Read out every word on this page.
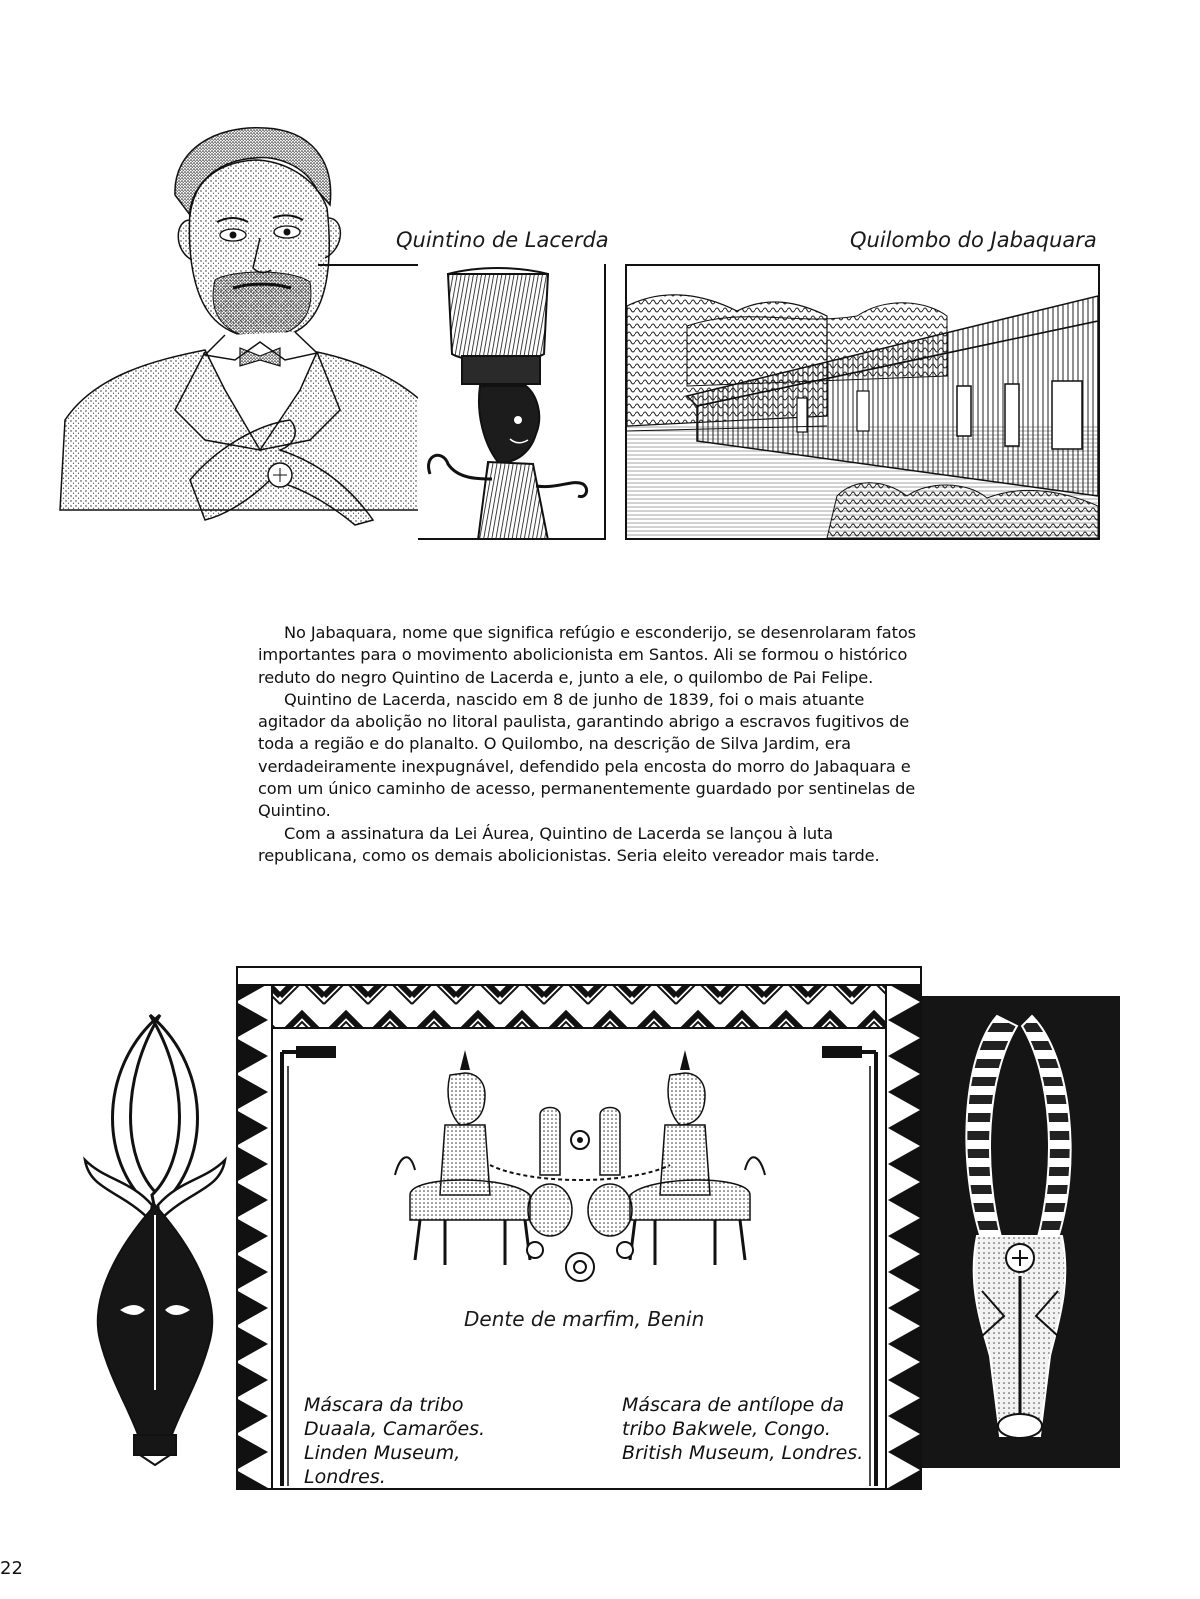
Quintino de Lacerda	Quilombo do Jabaquara

No Jabaquara, nome que significa refúgio e esconderijo, se desenrolaram fatos importantes para o movimento abolicionista em Santos. Ali se formou o histórico reduto do negro Quintino de Lacerda e, junto a ele, o quilombo de Pai Felipe.

Quintino de Lacerda, nascido em 8 de junho de 1839, foi o mais atuante agitador da abolição no litoral paulista, garantindo abrigo a escravos fugitivos de toda a região e do planalto. O Quilombo, na descrição de Silva Jardim, era verdadeiramente inexpugnável, defendido pela encosta do morro do Jabaquara e com um único caminho de acesso, permanentemente guardado por sentinelas de Quintino.

Com a assinatura da Lei Áurea, Quintino de Lacerda se lançou à luta republicana, como os demais abolicionistas. Seria eleito vereador mais tarde.

Dente de marfim, Benin
Máscara da tribo Duaala, Camarões. Linden Museum, Londres.
Máscara de antílope da tribo Bakwele, Congo. British Museum, Londres.
22
